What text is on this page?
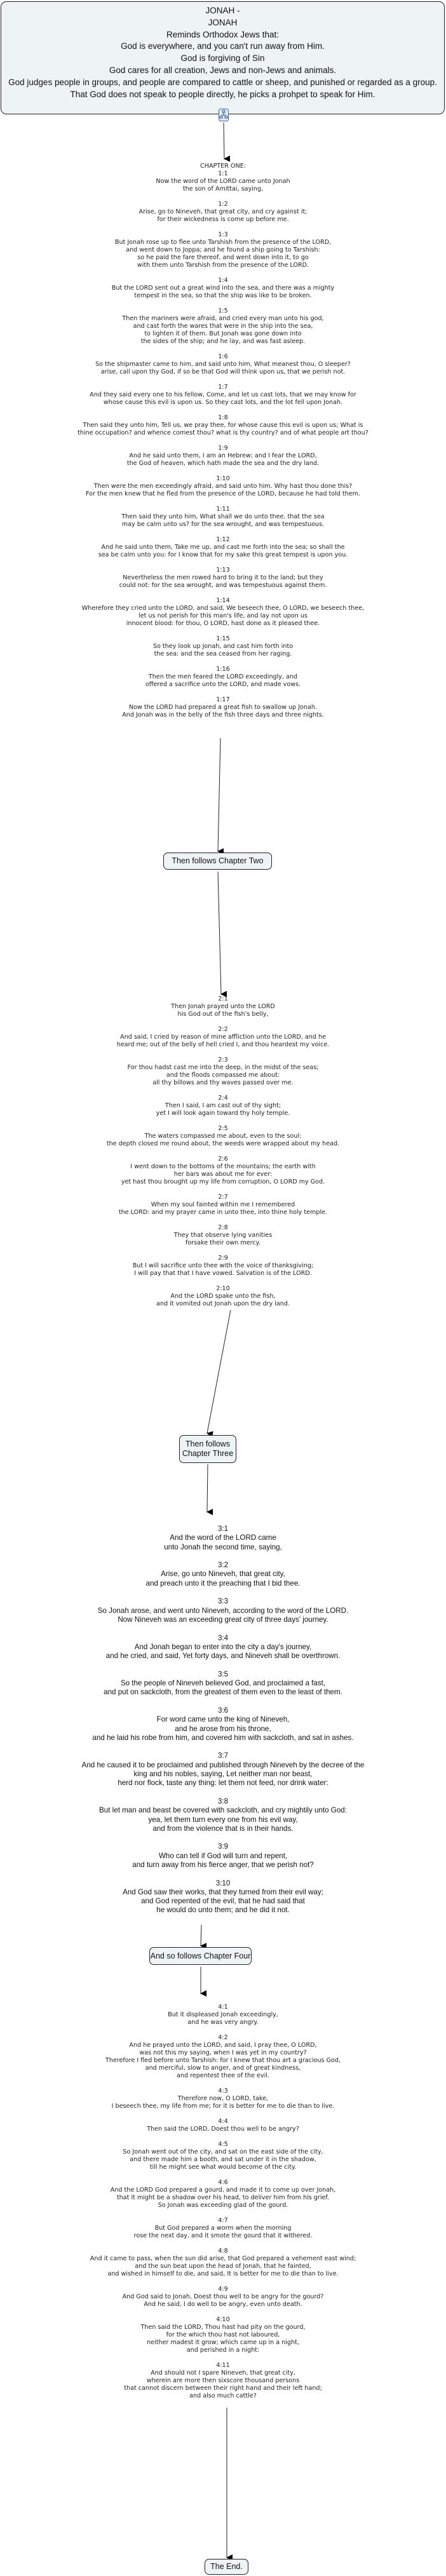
JONAH -
JONAH
Reminds Orthodox Jews that:
God is everywhere, and you can't run away from Him.
God is forgiving of Sin
God cares for all creation, Jews and non-Jews and animals.
God judges people in groups, and people are compared to cattle or sheep, and punished or regarded as a group.
That God does not speak to people directly, he picks a prohpet to speak for Him.
CHAPTER ONE:
1:1
Now the word of the LORD came unto Jonah
the son of Amittai, saying,
1:2
Arise, go to Nineveh, that great city, and cry against it;
for their wickedness is come up before me.
1:3
But Jonah rose up to flee unto Tarshish from the presence of the LORD,
and went down to Joppa; and he found a ship going to Tarshish:
so he paid the fare thereof, and went down into it, to go
with them unto Tarshish from the presence of the LORD.
1:4
But the LORD sent out a great wind into the sea, and there was a mighty
tempest in the sea, so that the ship was like to be broken.
1:5
Then the mariners were afraid, and cried every man unto his god,
and cast forth the wares that were in the ship into the sea,
to lighten it of them. But Jonah was gone down into
the sides of the ship; and he lay, and was fast asleep.
1:6
So the shipmaster came to him, and said unto him, What meanest thou, O sleeper?
arise, call upon thy God, if so be that God will think upon us, that we perish not.
1:7
And they said every one to his fellow, Come, and let us cast lots, that we may know for
whose cause this evil is upon us. So they cast lots, and the lot fell upon Jonah.
1:8
Then said they unto him, Tell us, we pray thee, for whose cause this evil is upon us; What is
thine occupation? and whence comest thou? what is thy country? and of what people art thou?
1:9
And he said unto them, I am an Hebrew; and I fear the LORD,
the God of heaven, which hath made the sea and the dry land.
1:10
Then were the men exceedingly afraid, and said unto him. Why hast thou done this?
For the men knew that he fled from the presence of the LORD, because he had told them.
1:11
Then said they unto him, What shall we do unto thee, that the sea
may be calm unto us? for the sea wrought, and was tempestuous.
1:12
And he said unto them, Take me up, and cast me forth into the sea; so shall the
sea be calm unto you: for I know that for my sake this great tempest is upon you.
1:13
Nevertheless the men rowed hard to bring it to the land; but they
could not: for the sea wrought, and was tempestuous against them.
1:14
Wherefore they cried unto the LORD, and said, We beseech thee, O LORD, we beseech thee,
let us not perish for this man's life, and lay not upon us
innocent blood: for thou, O LORD, hast done as it pleased thee.
1:15
So they look up Jonah, and cast him forth into
the sea: and the sea ceased from her raging.
1:16
Then the men feared the LORD exceedingly, and
offered a sacrifice unto the LORD, and made vows.
1:17
Now the LORD had prepared a great fish to swallow up Jonah.
And Jonah was in the belly of the fish three days and three nights.
Then follows Chapter Two
2:1
Then Jonah prayed unto the LORD
his God out of the fish's belly,
2:2
And said, I cried by reason of mine affliction unto the LORD, and he
heard me; out of the belly of hell cried I, and thou heardest my voice.
2:3
For thou hadst cast me into the deep, in the midst of the seas;
and the floods compassed me about:
all thy billows and thy waves passed over me.
2:4
Then I said, I am cast out of thy sight;
yet I will look again toward thy holy temple.
2:5
The waters compassed me about, even to the soul:
the depth closed me round about, the weeds were wrapped about my head.
2:6
I went down to the bottoms of the mountains; the earth with
her bars was about me for ever:
yet hast thou brought up my life from corruption, O LORD my God.
2:7
When my soul fainted within me I remembered
the LORD: and my prayer came in unto thee, into thine holy temple.
2:8
They that observe lying vanities
forsake their own mercy.
2:9
But I will sacrifice unto thee with the voice of thanksgiving;
I will pay that that I have vowed. Salvation is of the LORD.
2:10
And the LORD spake unto the fish,
and it vomited out Jonah upon the dry land.
Then follows
Chapter Three
3:1
And the word of the LORD came
unto Jonah the second time, saying,
3:2
Arise, go unto Nineveh, that great city,
and preach unto it the preaching that I bid thee.
3:3
So Jonah arose, and went unto Nineveh, according to the word of the LORD.
Now Nineveh was an exceeding great city of three days' journey.
3:4
And Jonah began to enter into the city a day's journey,
and he cried, and said, Yet forty days, and Nineveh shall be overthrown.
3:5
So the people of Nineveh believed God, and proclaimed a fast,
and put on sackcloth, from the greatest of them even to the least of them.
3:6
For word came unto the king of Nineveh,
and he arose from his throne,
and he laid his robe from him, and covered him with sackcloth, and sat in ashes.
3:7
And he caused it to be proclaimed and published through Nineveh by the decree of the
king and his nobles, saying, Let neither man nor beast,
herd nor flock, taste any thing: let them not feed, nor drink water:
3:8
But let man and beast be covered with sackcloth, and cry mightily unto God:
yea, let them turn every one from his evil way,
and from the violence that is in their hands.
3:9
Who can tell if God will turn and repent,
and turn away from his fierce anger, that we perish not?
3:10
And God saw their works, that they turned from their evil way;
and God repented of the evil, that he had said that
he would do unto them; and he did it not.
And so follows Chapter Four
4:1
But it displeased Jonah exceedingly,
and he was very angry.
4:2
And he prayed unto the LORD, and said, I pray thee, O LORD,
was not this my saying, when I was yet in my country?
Therefore I fled before unto Tarshish: for I knew that thou art a gracious God,
and merciful, slow to anger, and of great kindness,
and repentest thee of the evil.
4:3
Therefore now, O LORD, take,
I beseech thee, my life from me; for it is better for me to die than to live.
4:4
Then said the LORD, Doest thou well to be angry?
4:5
So Jonah went out of the city, and sat on the east side of the city,
and there made him a booth, and sat under it in the shadow,
till he might see what would become of the city.
4:6
And the LORD God prepared a gourd, and made it to come up over Jonah,
that it might be a shadow over his head, to deliver him from his grief.
So Jonah was exceeding glad of the gourd.
4:7
But God prepared a worm when the morning
rose the next day, and it smote the gourd that it withered.
4:8
And it came to pass, when the sun did arise, that God prepared a vehement east wind;
and the sun beat upon the head of Jonah, that he fainted,
and wished in himself to die, and said, It is better for me to die than to live.
4:9
And God said to Jonah, Doest thou well to be angry for the gourd?
And he said, I do well to be angry, even unto death.
4:10
Then said the LORD, Thou hast had pity on the gourd,
for the which thou hast not laboured,
neither madest it grow; which came up in a night,
and perished in a night:
4:11
And should not I spare Nineveh, that great city,
wherein are more then sixscore thousand persons
that cannot discern between their right hand and their left hand;
and also much cattle?
The End.
